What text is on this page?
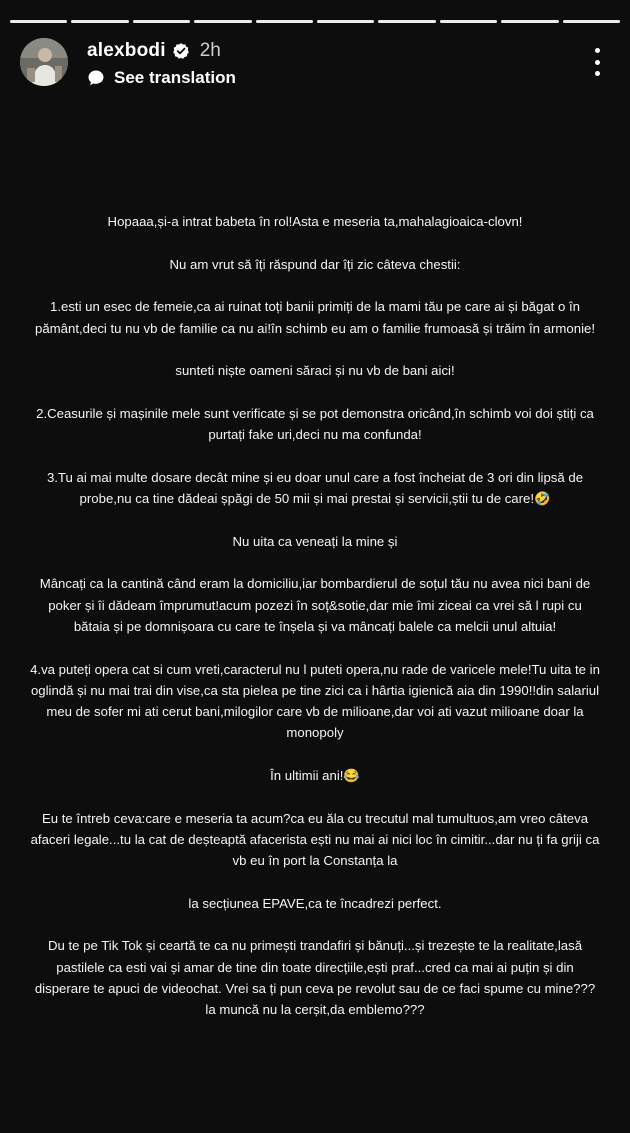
alexbodi 2h
See translation

Hopaaa,și-a intrat babeta în rol!Asta e meseria ta,mahalagioaica-clovn!

Nu am vrut să îți răspund dar îți zic câteva chestii:

1.esti un esec de femeie,ca ai ruinat toți banii primiți de la mami tău pe care ai și băgat o în pământ,deci tu nu vb de familie ca nu ai!în schimb eu am o familie frumoasă și trăim în armonie!

sunteti niște oameni săraci și nu vb de bani aici!

2.Ceasurile și mașinile mele sunt verificate și se pot demonstra oricând,în schimb voi doi știți ca purtați fake uri,deci nu ma confunda!

3.Tu ai mai multe dosare decât mine și eu doar unul care a fost încheiat de 3 ori din lipsă de probe,nu ca tine dădeai șpăgi de 50 mii și mai prestai și servicii,știi tu de care!🤣

Nu uita ca veneați la mine și

Mâncați ca la cantină când eram la domiciliu,iar bombardierul de soțul tău nu avea nici bani de poker și îi dădeam împrumut!acum pozezi în soț&sotie,dar mie îmi ziceai ca vrei să l rupi cu bătaia și pe domnișoara cu care te înșela și va mâncați balele ca melcii unul altuia!

4.va puteți opera cat si cum vreti,caracterul nu l puteti opera,nu rade de varicele mele!Tu uita te in oglindă și nu mai trai din vise,ca sta pielea pe tine zici ca i hârtia igienică aia din 1990!!din salariul meu de sofer mi ati cerut bani,milogilor care vb de milioane,dar voi ati vazut milioane doar la monopoly

În ultimii ani!😂

Eu te întreb ceva:care e meseria ta acum?ca eu ăla cu trecutul mal tumultuos,am vreo câteva afaceri legale...tu la cat de deșteaptă afacerista ești nu mai ai nici loc în cimitir...dar nu ți fa griji ca vb eu în port la Constanța la

la secțiunea EPAVE,ca te încadrezi perfect.

Du te pe Tik Tok și ceartă te ca nu primești trandafiri și bănuți...și trezește te la realitate,lasă pastilele ca esti vai și amar de tine din toate direcțiile,ești praf...cred ca mai ai puțin și din disperare te apuci de videochat. Vrei sa ți pun ceva pe revolut sau de ce faci spume cu mine???la muncă nu la cerșit,da emblemo???
